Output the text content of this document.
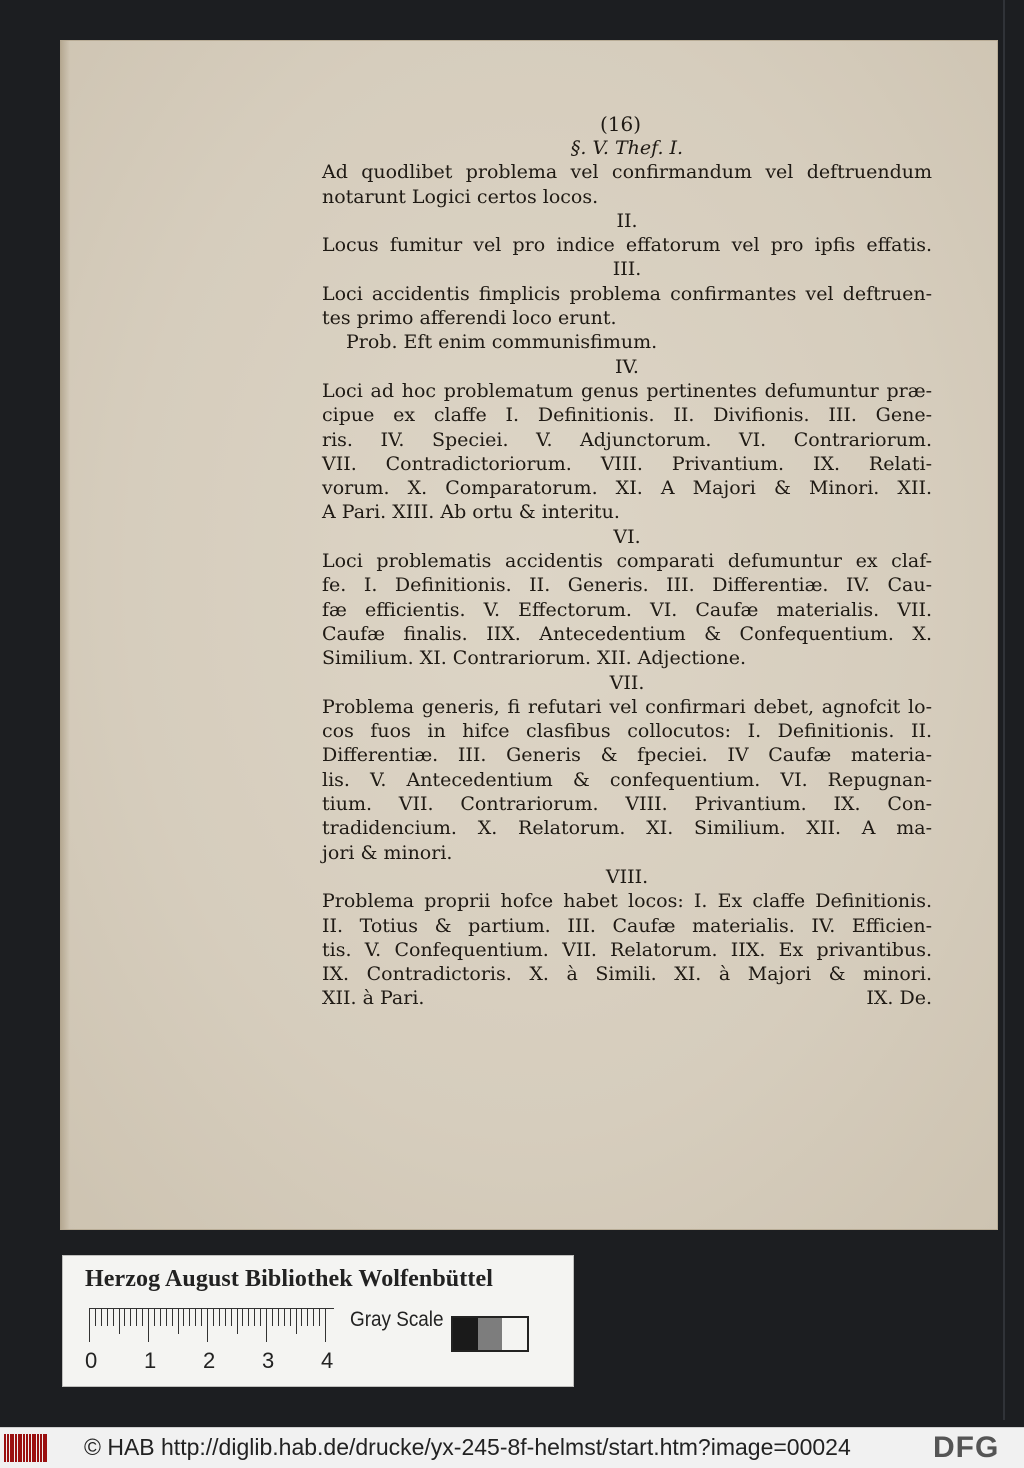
(16)
§. V. Thef. I.
Ad quodlibet problema vel confirmandum vel deftruendum
notarunt Logici certos locos.
II.
Locus fumitur vel pro indice effatorum vel pro ipfis effatis.
III.
Loci accidentis fimplicis problema confirmantes vel deftruen-
tes primo afferendi loco erunt.
Prob. Eft enim communisfimum.
IV.
Loci ad hoc problematum genus pertinentes defumuntur præ-
cipue ex claffe I. Definitionis. II. Divifionis. III. Gene-
ris. IV. Speciei. V. Adjunctorum. VI. Contrariorum.
VII. Contradictoriorum. VIII. Privantium. IX. Relati-
vorum. X. Comparatorum. XI. A Majori & Minori. XII.
A Pari. XIII. Ab ortu & interitu.
VI.
Loci problematis accidentis comparati defumuntur ex claf-
fe. I. Definitionis. II. Generis. III. Differentiæ. IV. Cau-
fæ efficientis. V. Effectorum. VI. Caufæ materialis. VII.
Caufæ finalis. IIX. Antecedentium & Confequentium. X.
Similium. XI. Contrariorum. XII. Adjectione.
VII.
Problema generis, fi refutari vel confirmari debet, agnofcit lo-
cos fuos in hifce clasfibus collocutos: I. Definitionis. II.
Differentiæ. III. Generis & fpeciei. IV Caufæ materia-
lis. V. Antecedentium & confequentium. VI. Repugnan-
tium. VII. Contrariorum. VIII. Privantium. IX. Con-
tradidencium. X. Relatorum. XI. Similium. XII. A ma-
jori & minori.
VIII.
Problema proprii hofce habet locos: I. Ex claffe Definitionis.
II. Totius & partium. III. Caufæ materialis. IV. Efficien-
tis. V. Confequentium. VII. Relatorum. IIX. Ex privantibus.
IX. Contradictoris. X. à Simili. XI. à Majori & minori.
XII. à Pari.	IX. De.
Herzog August Bibliothek Wolfenbüttel
0 1 2 3 4
Gray Scale
© HAB http://diglib.hab.de/drucke/yx-245-8f-helmst/start.htm?image=00024	DFG
